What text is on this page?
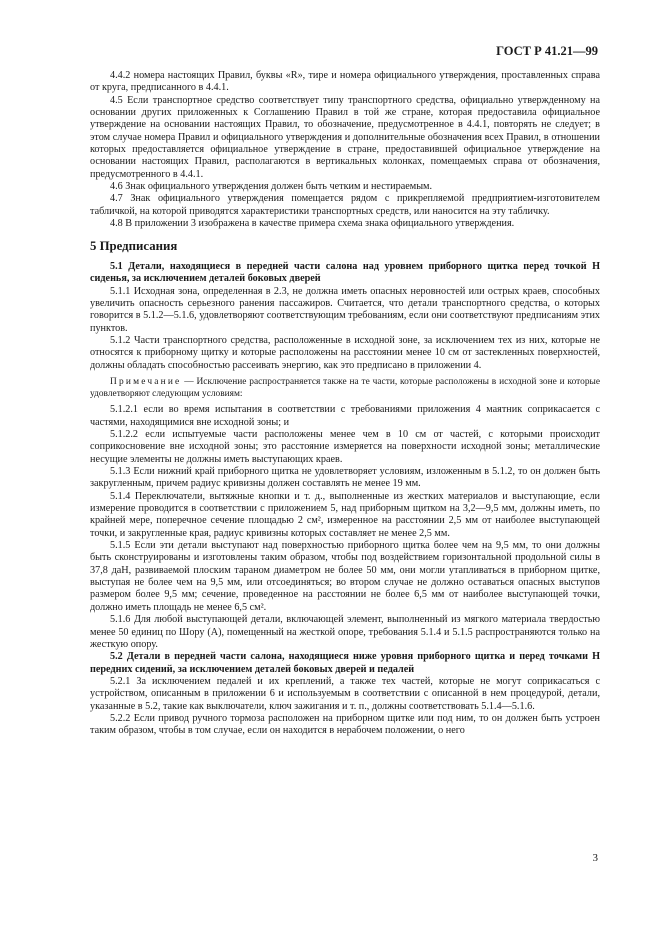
ГОСТ Р 41.21—99

4.4.2 номера настоящих Правил, буквы «R», тире и номера официального утверждения, проставленных справа от круга, предписанного в 4.4.1.

4.5 Если транспортное средство соответствует типу транспортного средства, официально утвержденному на основании других приложенных к Соглашению Правил в той же стране, которая предоставила официальное утверждение на основании настоящих Правил, то обозначение, предусмотренное в 4.4.1, повторять не следует; в этом случае номера Правил и официального утверждения и дополнительные обозначения всех Правил, в отношении которых предоставляется официальное утверждение в стране, предоставившей официальное утверждение на основании настоящих Правил, располагаются в вертикальных колонках, помещаемых справа от обозначения, предусмотренного в 4.4.1.

4.6 Знак официального утверждения должен быть четким и нестираемым.

4.7 Знак официального утверждения помещается рядом с прикрепляемой предприятием-изготовителем табличкой, на которой приводятся характеристики транспортных средств, или наносится на эту табличку.

4.8 В приложении 3 изображена в качестве примера схема знака официального утверждения.

5 Предписания

5.1 Детали, находящиеся в передней части салона над уровнем приборного щитка перед точкой H сиденья, за исключением деталей боковых дверей

5.1.1 Исходная зона, определенная в 2.3, не должна иметь опасных неровностей или острых краев, способных увеличить опасность серьезного ранения пассажиров. Считается, что детали транспортного средства, о которых говорится в 5.1.2—5.1.6, удовлетворяют соответствующим требованиям, если они соответствуют предписаниям этих пунктов.

5.1.2 Части транспортного средства, расположенные в исходной зоне, за исключением тех из них, которые не относятся к приборному щитку и которые расположены на расстоянии менее 10 см от застекленных поверхностей, должны обладать способностью рассеивать энергию, как это предписано в приложении 4.

Примечание — Исключение распространяется также на те части, которые расположены в исходной зоне и которые удовлетворяют следующим условиям:

5.1.2.1 если во время испытания в соответствии с требованиями приложения 4 маятник соприкасается с частями, находящимися вне исходной зоны; и

5.1.2.2 если испытуемые части расположены менее чем в 10 см от частей, с которыми происходит соприкосновение вне исходной зоны; это расстояние измеряется на поверхности исходной зоны; металлические несущие элементы не должны иметь выступающих краев.

5.1.3 Если нижний край приборного щитка не удовлетворяет условиям, изложенным в 5.1.2, то он должен быть закругленным, причем радиус кривизны должен составлять не менее 19 мм.

5.1.4 Переключатели, вытяжные кнопки и т. д., выполненные из жестких материалов и выступающие, если измерение проводится в соответствии с приложением 5, над приборным щитком на 3,2—9,5 мм, должны иметь, по крайней мере, поперечное сечение площадью 2 см², измеренное на расстоянии 2,5 мм от наиболее выступающей точки, и закругленные края, радиус кривизны которых составляет не менее 2,5 мм.

5.1.5 Если эти детали выступают над поверхностью приборного щитка более чем на 9,5 мм, то они должны быть сконструированы и изготовлены таким образом, чтобы под воздействием горизонтальной продольной силы в 37,8 даН, развиваемой плоским тараном диаметром не более 50 мм, они могли утапливаться в приборном щитке, выступая не более чем на 9,5 мм, или отсоединяться; во втором случае не должно оставаться опасных выступов размером более 9,5 мм; сечение, проведенное на расстоянии не более 6,5 мм от наиболее выступающей точки, должно иметь площадь не менее 6,5 см².

5.1.6 Для любой выступающей детали, включающей элемент, выполненный из мягкого материала твердостью менее 50 единиц по Шору (А), помещенный на жесткой опоре, требования 5.1.4 и 5.1.5 распространяются только на жесткую опору.

5.2 Детали в передней части салона, находящиеся ниже уровня приборного щитка и перед точками H передних сидений, за исключением деталей боковых дверей и педалей

5.2.1 За исключением педалей и их креплений, а также тех частей, которые не могут соприкасаться с устройством, описанным в приложении 6 и используемым в соответствии с описанной в нем процедурой, детали, указанные в 5.2, такие как выключатели, ключ зажигания и т. п., должны соответствовать 5.1.4—5.1.6.

5.2.2 Если привод ручного тормоза расположен на приборном щитке или под ним, то он должен быть устроен таким образом, чтобы в том случае, если он находится в нерабочем положении, о него

3
